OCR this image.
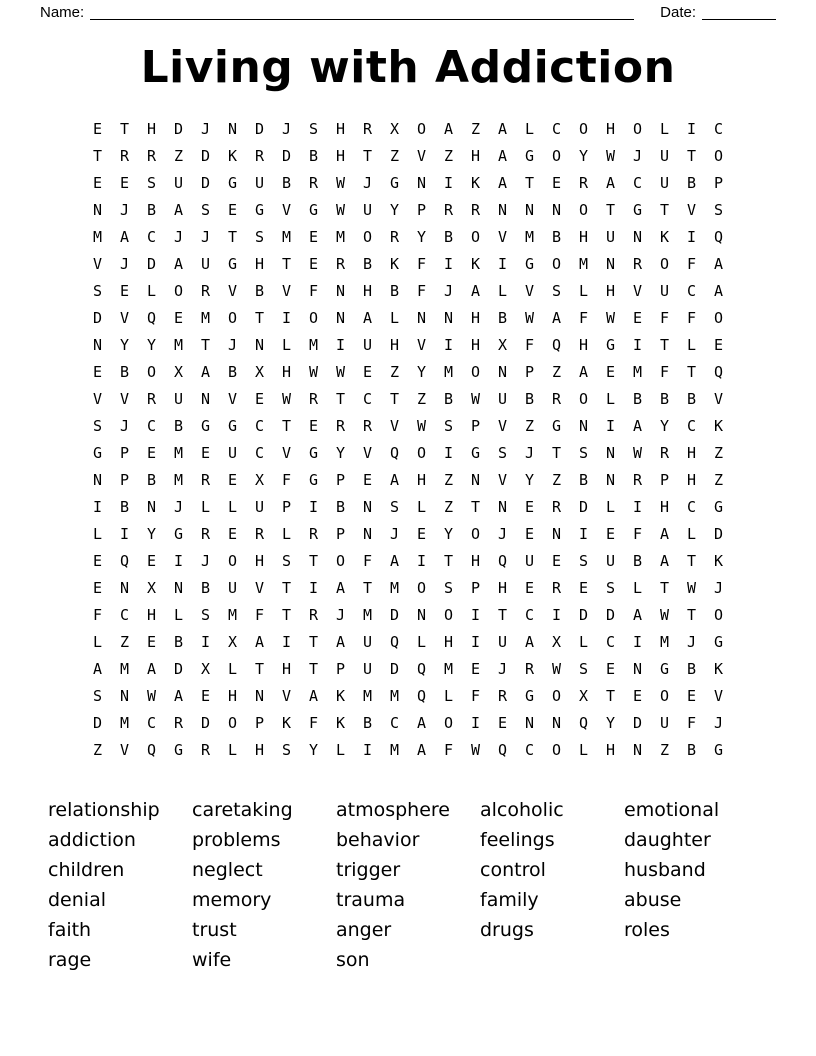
Name:	Date:
Living with Addiction
E	T	H	D	J	N	D	J	S	H	R	X	O	A	Z	A	L	C	O	H	O	L	I	C
T	R	R	Z	D	K	R	D	B	H	T	Z	V	Z	H	A	G	O	Y	W	J	U	T	O
E	E	S	U	D	G	U	B	R	W	J	G	N	I	K	A	T	E	R	A	C	U	B	P
N	J	B	A	S	E	G	V	G	W	U	Y	P	R	R	N	N	N	O	T	G	T	V	S
M	A	C	J	J	T	S	M	E	M	O	R	Y	B	O	V	M	B	H	U	N	K	I	Q
V	J	D	A	U	G	H	T	E	R	B	K	F	I	K	I	G	O	M	N	R	O	F	A
S	E	L	O	R	V	B	V	F	N	H	B	F	J	A	L	V	S	L	H	V	U	C	A
D	V	Q	E	M	O	T	I	O	N	A	L	N	N	H	B	W	A	F	W	E	F	F	O
N	Y	Y	M	T	J	N	L	M	I	U	H	V	I	H	X	F	Q	H	G	I	T	L	E
E	B	O	X	A	B	X	H	W	W	E	Z	Y	M	O	N	P	Z	A	E	M	F	T	Q
V	V	R	U	N	V	E	W	R	T	C	T	Z	B	W	U	B	R	O	L	B	B	B	V
S	J	C	B	G	G	C	T	E	R	R	V	W	S	P	V	Z	G	N	I	A	Y	C	K
G	P	E	M	E	U	C	V	G	Y	V	Q	O	I	G	S	J	T	S	N	W	R	H	Z
N	P	B	M	R	E	X	F	G	P	E	A	H	Z	N	V	Y	Z	B	N	R	P	H	Z
I	B	N	J	L	L	U	P	I	B	N	S	L	Z	T	N	E	R	D	L	I	H	C	G
L	I	Y	G	R	E	R	L	R	P	N	J	E	Y	O	J	E	N	I	E	F	A	L	D
E	Q	E	I	J	O	H	S	T	O	F	A	I	T	H	Q	U	E	S	U	B	A	T	K
E	N	X	N	B	U	V	T	I	A	T	M	O	S	P	H	E	R	E	S	L	T	W	J
F	C	H	L	S	M	F	T	R	J	M	D	N	O	I	T	C	I	D	D	A	W	T	O
L	Z	E	B	I	X	A	I	T	A	U	Q	L	H	I	U	A	X	L	C	I	M	J	G
A	M	A	D	X	L	T	H	T	P	U	D	Q	M	E	J	R	W	S	E	N	G	B	K
S	N	W	A	E	H	N	V	A	K	M	M	Q	L	F	R	G	O	X	T	E	O	E	V
D	M	C	R	D	O	P	K	F	K	B	C	A	O	I	E	N	N	Q	Y	D	U	F	J
Z	V	Q	G	R	L	H	S	Y	L	I	M	A	F	W	Q	C	O	L	H	N	Z	B	G
relationship
addiction
children
denial
faith
rage
caretaking
problems
neglect
memory
trust
wife
atmosphere
behavior
trigger
trauma
anger
son
alcoholic
feelings
control
family
drugs
emotional
daughter
husband
abuse
roles
